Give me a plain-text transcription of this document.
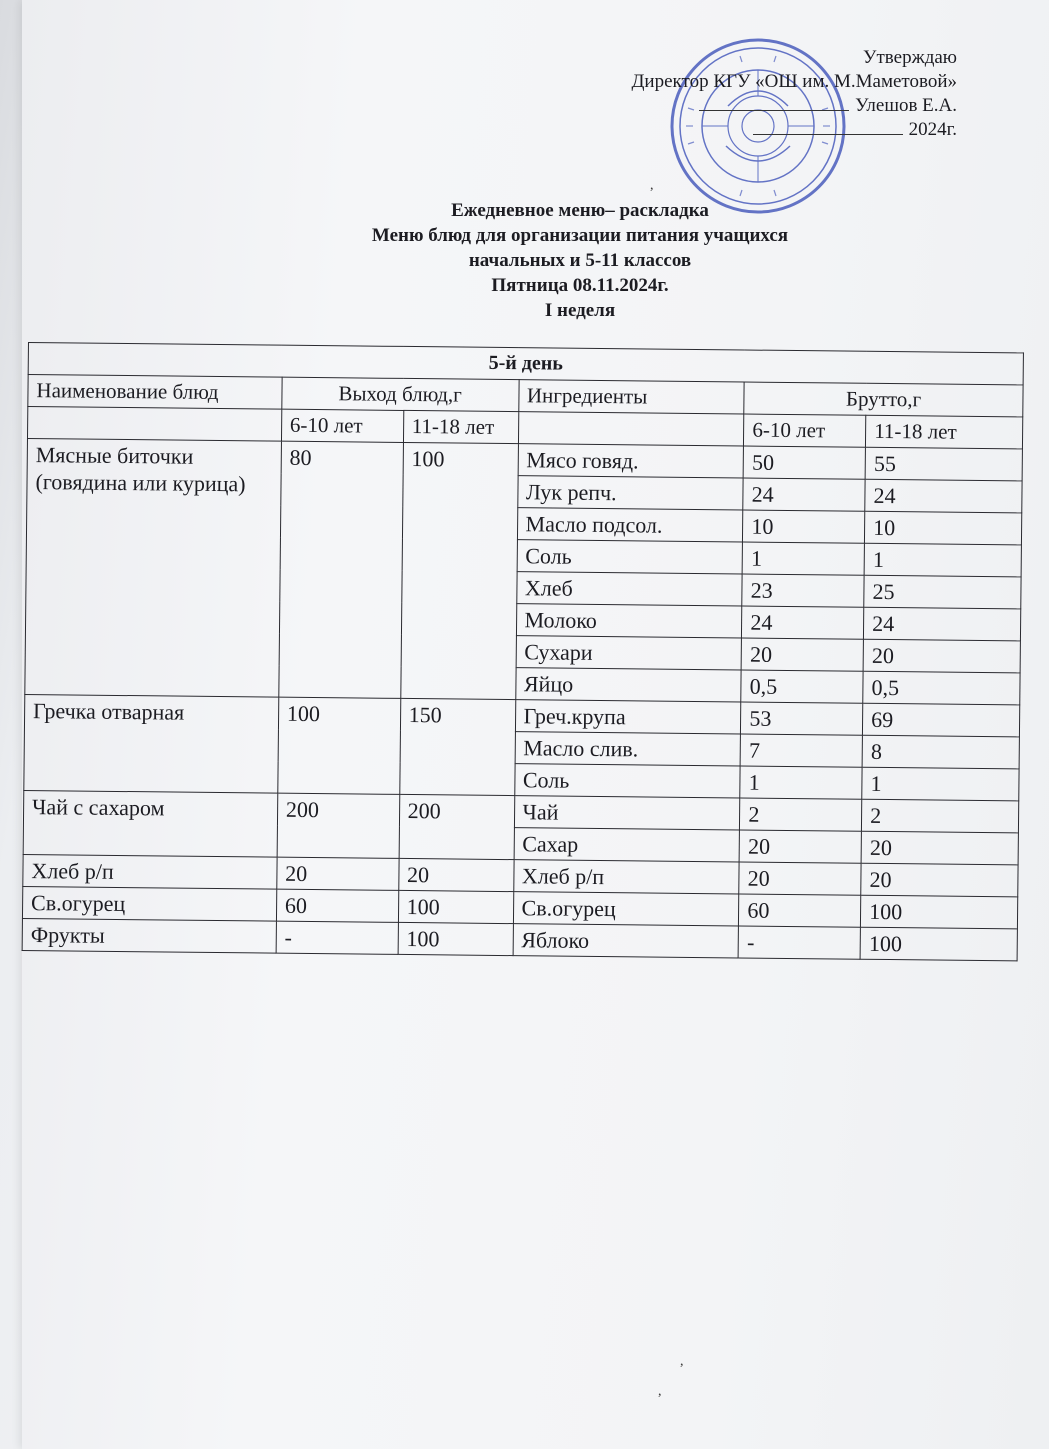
Утверждаю
Директор КГУ «ОШ им. М.Маметовой»
Улешов Е.А.
2024г.
Ежедневное меню– раскладка
Меню блюд для организации питания учащихся
начальных и 5-11 классов
Пятница 08.11.2024г.
I неделя
5-й день					
Наименование блюд	Выход блюд,г		Ингредиенты	Брутто,г	
	6-10 лет	11-18 лет		6-10 лет	11-18 лет
Мясные биточки (говядина или курица)	80	100	Мясо говяд.	50	55
			Лук репч.	24	24
			Масло подсол.	10	10
			Соль	1	1
			Хлеб	23	25
			Молоко	24	24
			Сухари	20	20
			Яйцо	0,5	0,5
Гречка отварная	100	150	Греч.крупа	53	69
			Масло слив.	7	8
			Соль	1	1
Чай с сахаром	200	200	Чай	2	2
			Сахар	20	20
Хлеб р/п	20	20	Хлеб р/п	20	20
Св.огурец	60	100	Св.огурец	60	100
Фрукты	-	100	Яблоко	-	100
,
,
,
